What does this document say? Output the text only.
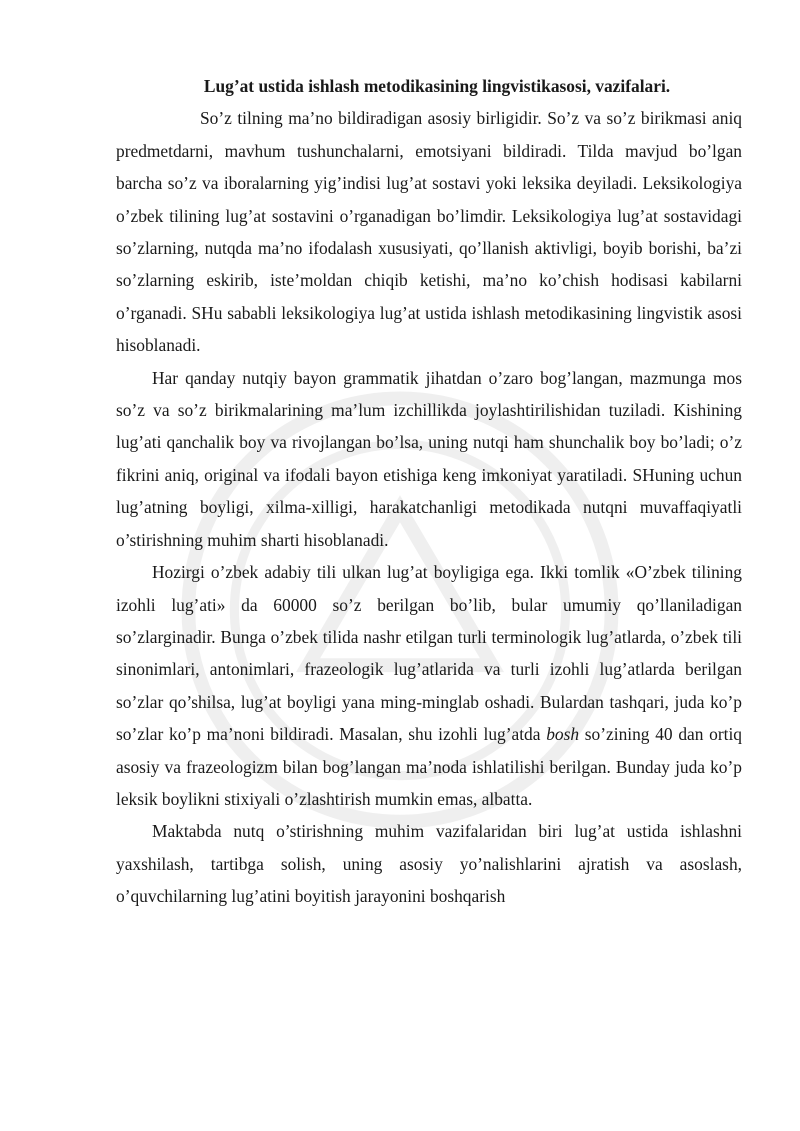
Lug’at ustida ishlash metodikasining lingvistikasosi, vazifalari.

So’z tilning ma’no bildiradigan asosiy birligidir. So’z va so’z birikmasi aniq predmetdarni, mavhum tushunchalarni, emotsiyani bildiradi. Tilda mavjud bo’lgan barcha so’z va iboralarning yig’indisi lug’at sostavi yoki leksika deyiladi. Leksikologiya o’zbek tilining lug’at sostavini o’rganadigan bo’limdir. Leksikologiya lug’at sostavidagi so’zlarning, nutqda ma’no ifodalash xususiyati, qo’llanish aktivligi, boyib borishi, ba’zi so’zlarning eskirib, iste’moldan chiqib ketishi, ma’no ko’chish hodisasi kabilarni o’rganadi. SHu sababli leksikologiya lug’at ustida ishlash metodikasining lingvistik asosi hisoblanadi.

Har qanday nutqiy bayon grammatik jihatdan o’zaro bog’langan, mazmunga mos so’z va so’z birikmalarining ma’lum izchillikda joylashtirilishidan tuziladi. Kishining lug’ati qanchalik boy va rivojlangan bo’lsa, uning nutqi ham shunchalik boy bo’ladi; o’z fikrini aniq, original va ifodali bayon etishiga keng imkoniyat yaratiladi. SHuning uchun lug’atning boyligi, xilma-xilligi, harakatchanligi metodikada nutqni muvaffaqiyatli o’stirishning muhim sharti hisoblanadi.

Hozirgi o’zbek adabiy tili ulkan lug’at boyligiga ega. Ikki tomlik «O’zbek tilining izohli lug’ati» da 60000 so’z berilgan bo’lib, bular umumiy qo’llaniladigan so’zlarginadir. Bunga o’zbek tilida nashr etilgan turli terminologik lug’atlarda, o’zbek tili sinonimlari, antonimlari, frazeologik lug’atlarida va turli izohli lug’atlarda berilgan so’zlar qo’shilsa, lug’at boyligi yana ming-minglab oshadi. Bulardan tashqari, juda ko’p so’zlar ko’p ma’noni bildiradi. Masalan, shu izohli lug’atda bosh so’zining 40 dan ortiq asosiy va frazeologizm bilan bog’langan ma’noda ishlatilishi berilgan. Bunday juda ko’p leksik boylikni stixiyali o’zlashtirish mumkin emas, albatta.

Maktabda nutq o’stirishning muhim vazifalaridan biri lug’at ustida ishlashni yaxshilash, tartibga solish, uning asosiy yo’nalishlarini ajratish va asoslash, o’quvchilarning lug’atini boyitish jarayonini boshqarish
